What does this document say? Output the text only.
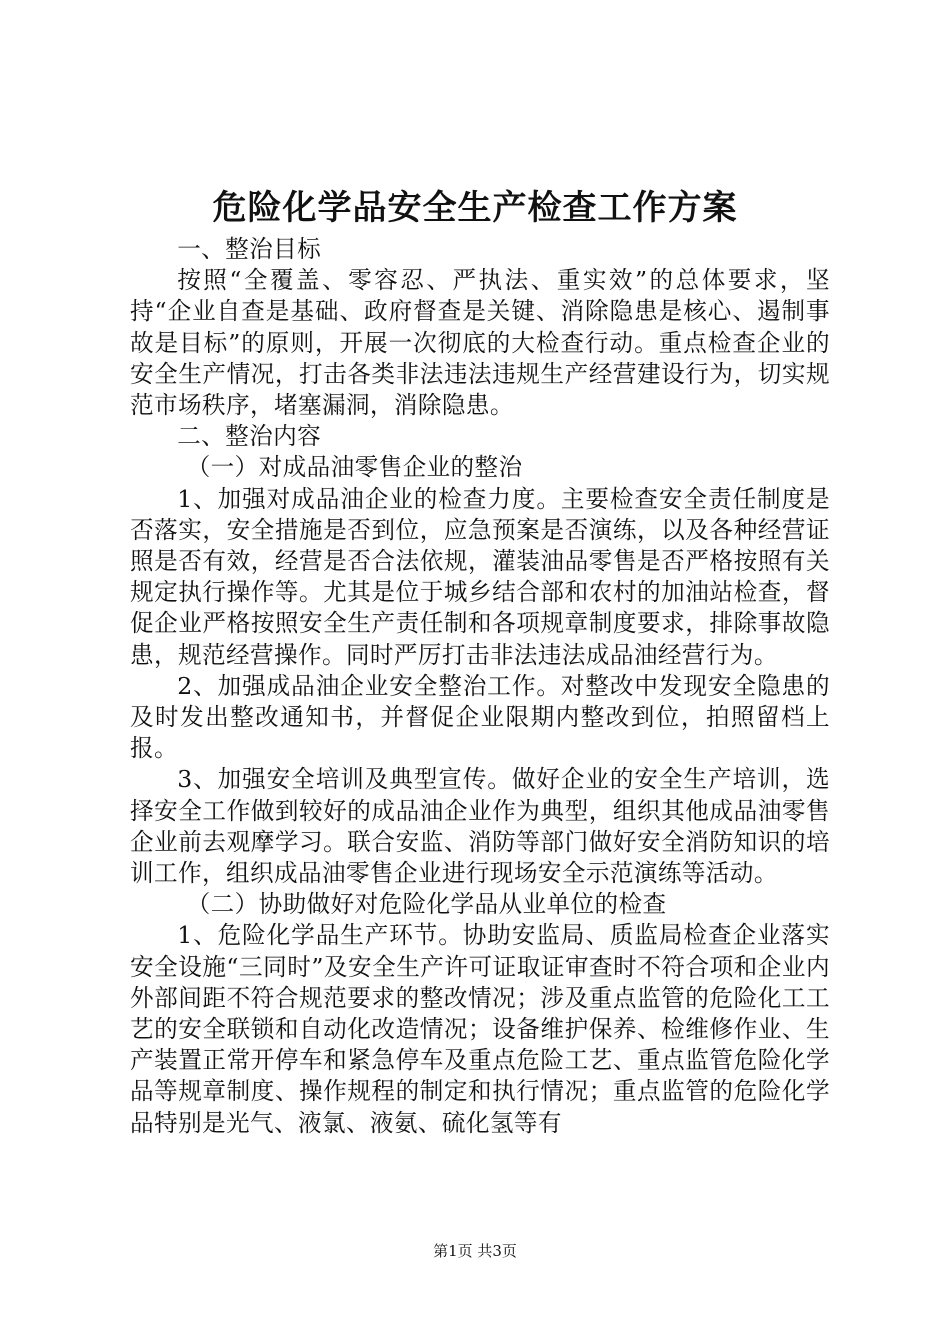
危险化学品安全生产检查工作方案

一、整治目标

按照“全覆盖、零容忍、严执法、重实效”的总体要求，坚持“企业自查是基础、政府督查是关键、消除隐患是核心、遏制事故是目标”的原则，开展一次彻底的大检查行动。重点检查企业的安全生产情况，打击各类非法违法违规生产经营建设行为，切实规范市场秩序，堵塞漏洞，消除隐患。

二、整治内容

（一）对成品油零售企业的整治

1、加强对成品油企业的检查力度。主要检查安全责任制度是否落实，安全措施是否到位，应急预案是否演练，以及各种经营证照是否有效，经营是否合法依规，灌装油品零售是否严格按照有关规定执行操作等。尤其是位于城乡结合部和农村的加油站检查，督促企业严格按照安全生产责任制和各项规章制度要求，排除事故隐患，规范经营操作。同时严厉打击非法违法成品油经营行为。

2、加强成品油企业安全整治工作。对整改中发现安全隐患的及时发出整改通知书，并督促企业限期内整改到位，拍照留档上报。

3、加强安全培训及典型宣传。做好企业的安全生产培训，选择安全工作做到较好的成品油企业作为典型，组织其他成品油零售企业前去观摩学习。联合安监、消防等部门做好安全消防知识的培训工作，组织成品油零售企业进行现场安全示范演练等活动。

（二）协助做好对危险化学品从业单位的检查

1、危险化学品生产环节。协助安监局、质监局检查企业落实安全设施“三同时”及安全生产许可证取证审查时不符合项和企业内外部间距不符合规范要求的整改情况；涉及重点监管的危险化工工艺的安全联锁和自动化改造情况；设备维护保养、检维修作业、生产装置正常开停车和紧急停车及重点危险工艺、重点监管危险化学品等规章制度、操作规程的制定和执行情况；重点监管的危险化学品特别是光气、液氯、液氨、硫化氢等有

第1页 共3页
